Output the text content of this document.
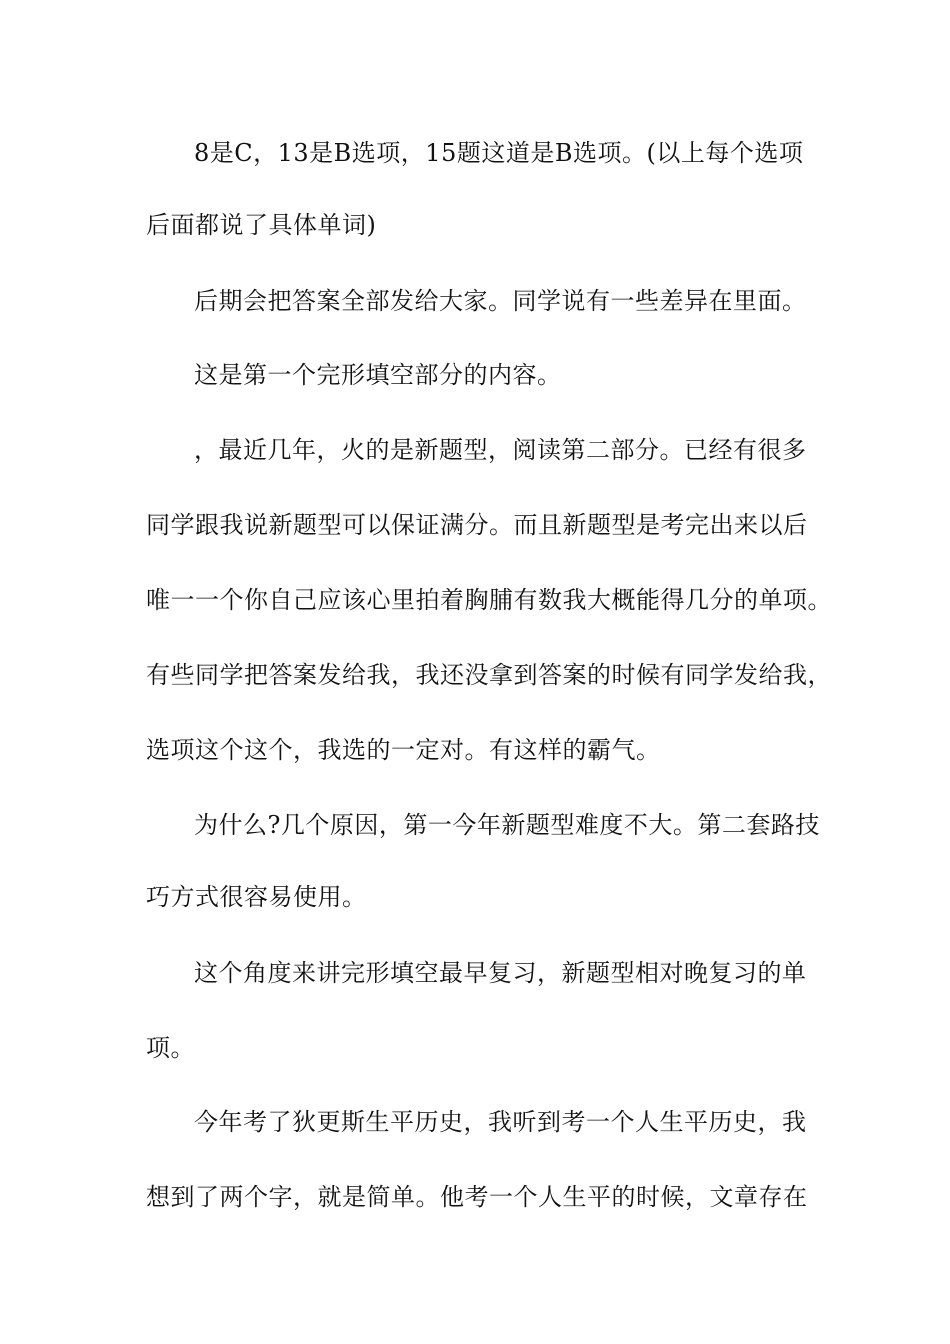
8是C，13是B选项，15题这道是B选项。(以上每个选项
后面都说了具体单词)
后期会把答案全部发给大家。同学说有一些差异在里面。
这是第一个完形填空部分的内容。
，最近几年，火的是新题型，阅读第二部分。已经有很多
同学跟我说新题型可以保证满分。而且新题型是考完出来以后
唯一一个你自己应该心里拍着胸脯有数我大概能得几分的单项。
有些同学把答案发给我，我还没拿到答案的时候有同学发给我，
选项这个这个，我选的一定对。有这样的霸气。
为什么?几个原因，第一今年新题型难度不大。第二套路技
巧方式很容易使用。
这个角度来讲完形填空最早复习，新题型相对晚复习的单
项。
今年考了狄更斯生平历史，我听到考一个人生平历史，我
想到了两个字，就是简单。他考一个人生平的时候，文章存在
